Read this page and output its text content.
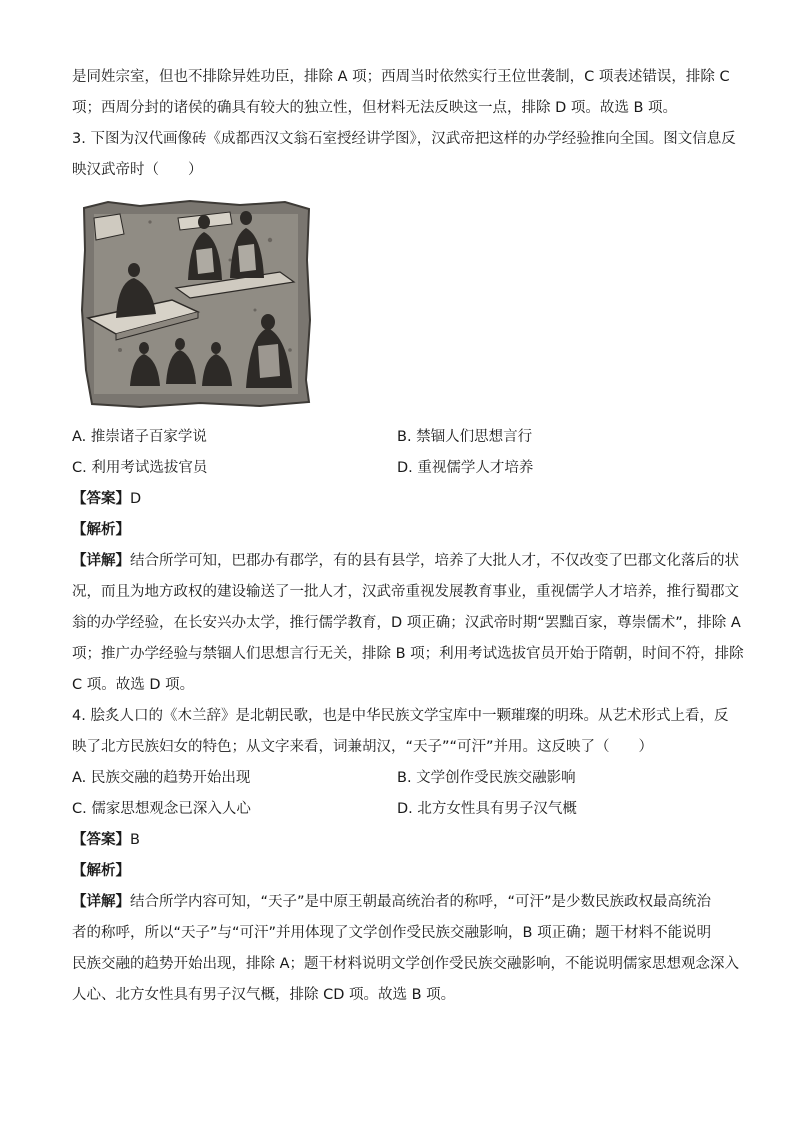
是同姓宗室，但也不排除异姓功臣，排除 A 项；西周当时依然实行王位世袭制，C 项表述错误，排除 C
项；西周分封的诸侯的确具有较大的独立性，但材料无法反映这一点，排除 D 项。故选 B 项。
3. 下图为汉代画像砖《成都西汉文翁石室授经讲学图》，汉武帝把这样的办学经验推向全国。图文信息反
映汉武帝时（　　）
A. 推崇诸子百家学说	B. 禁锢人们思想言行
C. 利用考试选拔官员	D. 重视儒学人才培养
【答案】D
【解析】
【详解】结合所学可知，巴郡办有郡学，有的县有县学，培养了大批人才，不仅改变了巴郡文化落后的状
况，而且为地方政权的建设输送了一批人才，汉武帝重视发展教育事业，重视儒学人才培养，推行蜀郡文
翁的办学经验，在长安兴办太学，推行儒学教育，D 项正确；汉武帝时期“罢黜百家，尊崇儒术”，排除 A
项；推广办学经验与禁锢人们思想言行无关，排除 B 项；利用考试选拔官员开始于隋朝，时间不符，排除
C 项。故选 D 项。
4. 脍炙人口的《木兰辞》是北朝民歌，也是中华民族文学宝库中一颗璀璨的明珠。从艺术形式上看，反
映了北方民族妇女的特色；从文字来看，词兼胡汉，“天子”“可汗”并用。这反映了（　　）
A. 民族交融的趋势开始出现	B. 文学创作受民族交融影响
C. 儒家思想观念已深入人心	D. 北方女性具有男子汉气概
【答案】B
【解析】
【详解】结合所学内容可知，“天子”是中原王朝最高统治者的称呼，“可汗”是少数民族政权最高统治
者的称呼，所以“天子”与“可汗”并用体现了文学创作受民族交融影响，B 项正确；题干材料不能说明
民族交融的趋势开始出现，排除 A；题干材料说明文学创作受民族交融影响，不能说明儒家思想观念深入
人心、北方女性具有男子汉气概，排除 CD 项。故选 B 项。
